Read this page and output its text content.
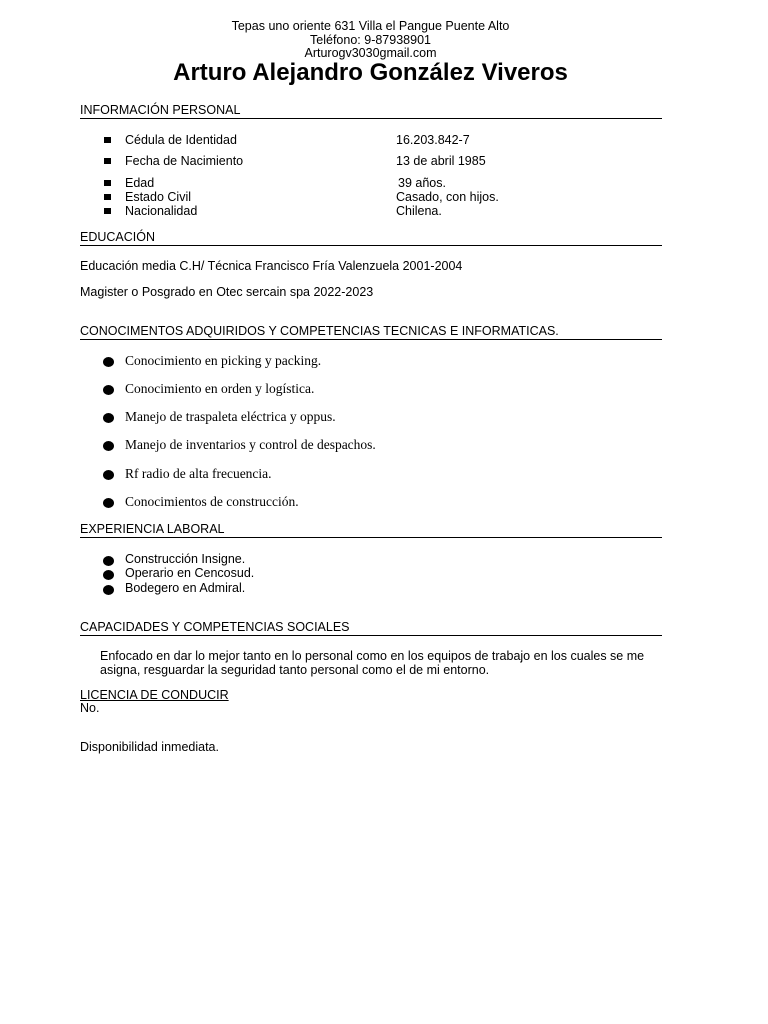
Tepas uno oriente 631 Villa el Pangue Puente Alto
Teléfono: 9-87938901
Arturogv3030gmail.com
Arturo Alejandro González Viveros
INFORMACIÓN PERSONAL
Cédula de Identidad	16.203.842-7
Fecha de Nacimiento	13 de abril 1985
Edad	39 años.
Estado Civil	Casado, con hijos.
Nacionalidad	Chilena.
EDUCACIÓN
Educación media C.H/ Técnica Francisco Fría Valenzuela 2001-2004
Magister o Posgrado en Otec sercain spa 2022-2023
CONOCIMENTOS ADQUIRIDOS Y COMPETENCIAS TECNICAS E INFORMATICAS.
Conocimiento en picking y packing.
Conocimiento en orden y logística.
Manejo de traspaleta eléctrica y oppus.
Manejo de inventarios y control de despachos.
Rf radio de alta frecuencia.
Conocimientos de construcción.
EXPERIENCIA LABORAL
Construcción Insigne.
Operario en Cencosud.
Bodegero en Admiral.
CAPACIDADES Y COMPETENCIAS SOCIALES
Enfocado en dar lo mejor tanto en lo personal como en los equipos de trabajo en los cuales se me asigna, resguardar la seguridad tanto personal como el de mi entorno.
LICENCIA DE CONDUCIR
No.
Disponibilidad inmediata.
